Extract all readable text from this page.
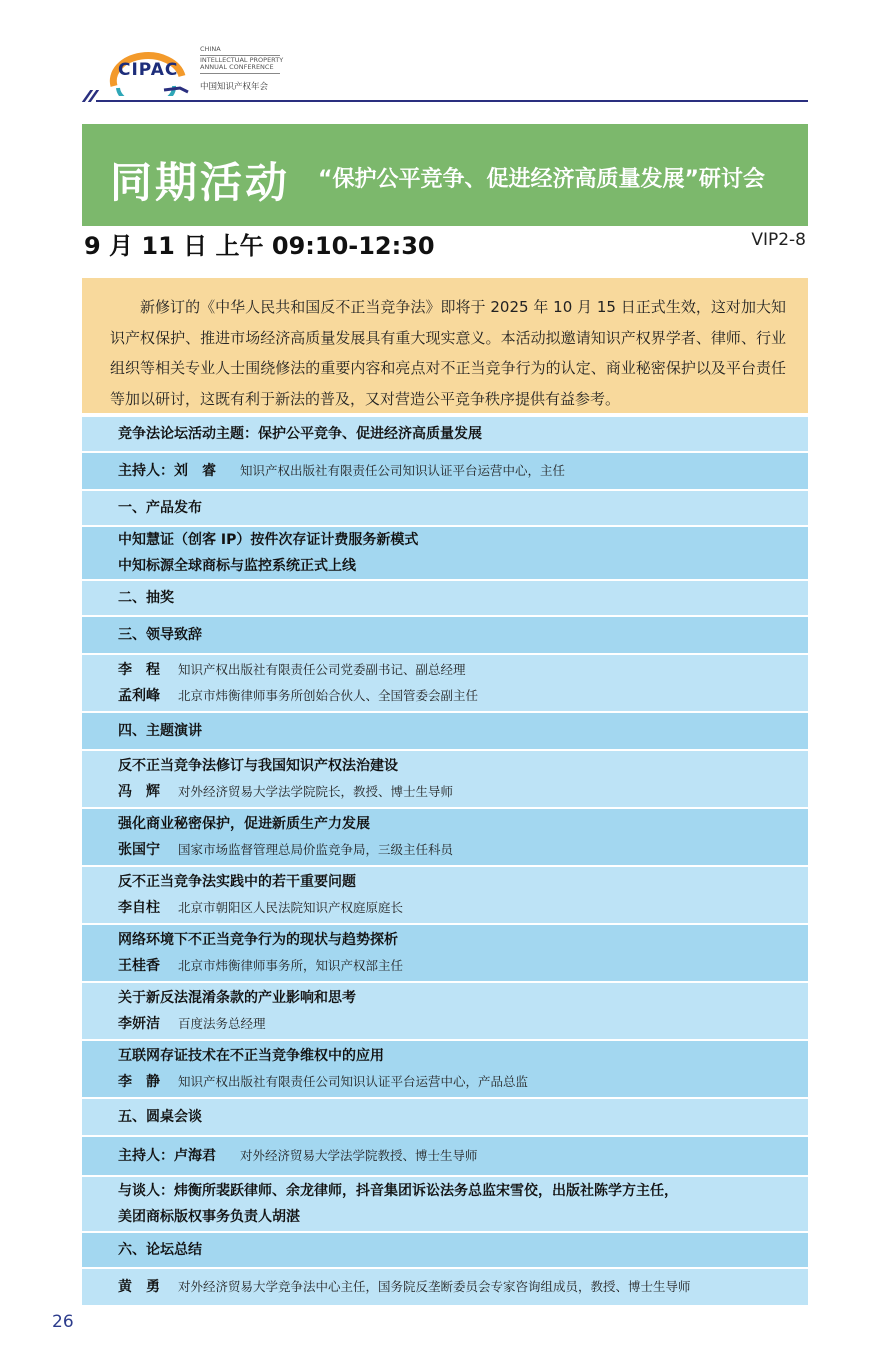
CIPAC
CHINA
INTELLECTUAL PROPERTY
ANNUAL CONFERENCE
中国知识产权年会
同期活动 “保护公平竞争、促进经济高质量发展”研讨会
9 月 11 日 上午 09:10-12:30	VIP2-8
新修订的《中华人民共和国反不正当竞争法》即将于 2025 年 10 月 15 日正式生效，这对加大知识产权保护、推进市场经济高质量发展具有重大现实意义。本活动拟邀请知识产权界学者、律师、行业组织等相关专业人士围绕修法的重要内容和亮点对不正当竞争行为的认定、商业秘密保护以及平台责任等加以研讨，这既有利于新法的普及，又对营造公平竞争秩序提供有益参考。
竞争法论坛活动主题：保护公平竞争、促进经济高质量发展
主持人：刘　睿	知识产权出版社有限责任公司知识认证平台运营中心，主任
一、产品发布
中知慧证（创客 IP）按件次存证计费服务新模式
中知标源全球商标与监控系统正式上线
二、抽奖
三、领导致辞
李　程	知识产权出版社有限责任公司党委副书记、副总经理
孟利峰	北京市炜衡律师事务所创始合伙人、全国管委会副主任
四、主题演讲
反不正当竞争法修订与我国知识产权法治建设
冯　辉	对外经济贸易大学法学院院长，教授、博士生导师
强化商业秘密保护，促进新质生产力发展
张国宁	国家市场监督管理总局价监竞争局，三级主任科员
反不正当竞争法实践中的若干重要问题
李自柱	北京市朝阳区人民法院知识产权庭原庭长
网络环境下不正当竞争行为的现状与趋势探析
王桂香	北京市炜衡律师事务所，知识产权部主任
关于新反法混淆条款的产业影响和思考
李妍洁	百度法务总经理
互联网存证技术在不正当竞争维权中的应用
李　静	知识产权出版社有限责任公司知识认证平台运营中心，产品总监
五、圆桌会谈
主持人：卢海君	对外经济贸易大学法学院教授、博士生导师
与谈人：炜衡所裴跃律师、余龙律师，抖音集团诉讼法务总监宋雪佼，出版社陈学方主任，
美团商标版权事务负责人胡湛
六、论坛总结
黄　勇	对外经济贸易大学竞争法中心主任，国务院反垄断委员会专家咨询组成员，教授、博士生导师
26
